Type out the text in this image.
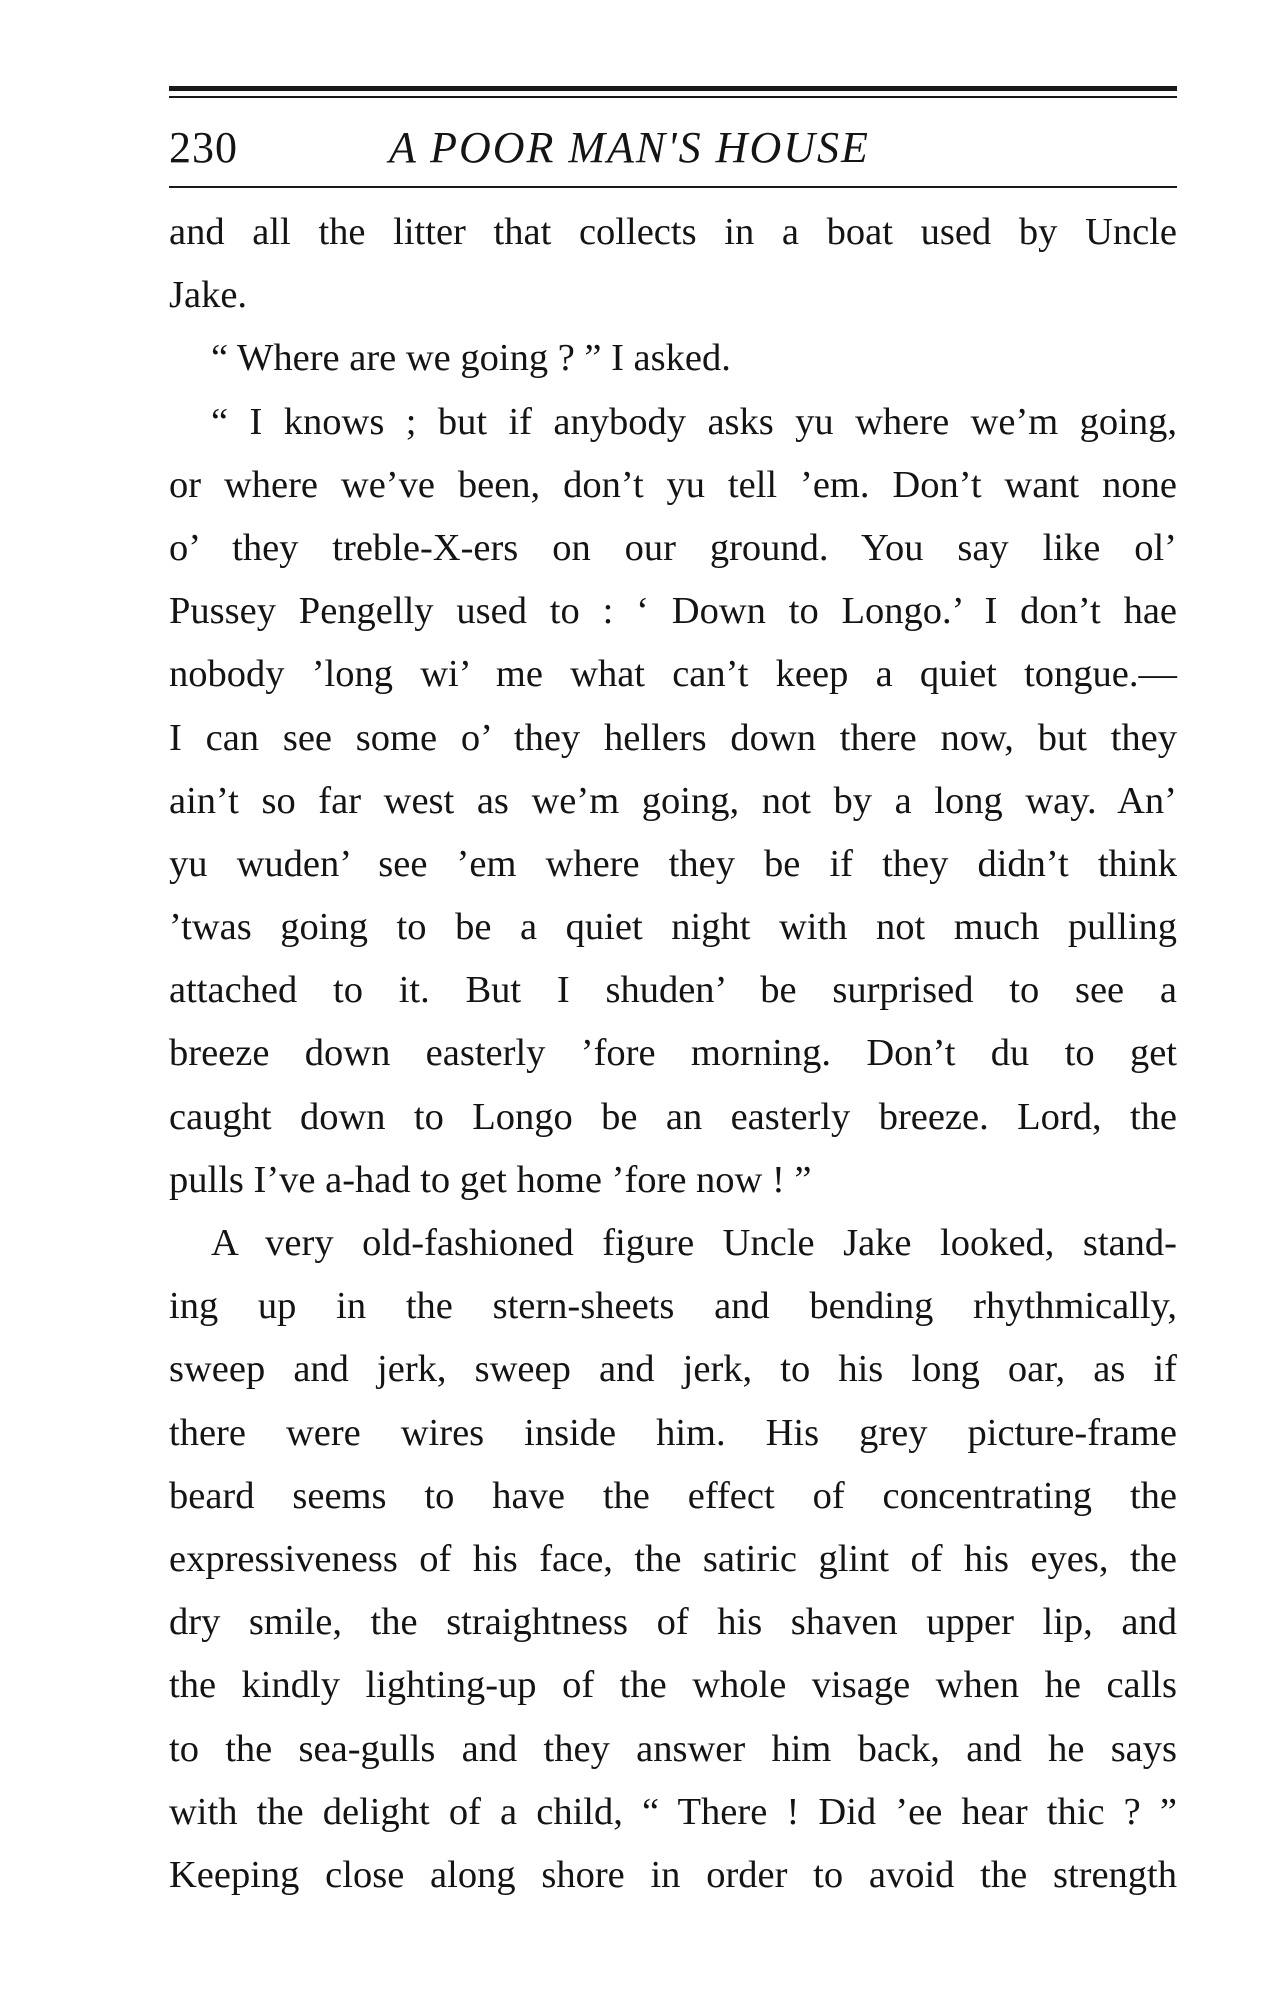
230	A POOR MAN'S HOUSE
and all the litter that collects in a boat used by Uncle
Jake.
“ Where are we going ? ” I asked.
“ I knows ; but if anybody asks yu where we’m going,
or where we’ve been, don’t yu tell ’em. Don’t want none
o’ they treble-X-ers on our ground. You say like ol’
Pussey Pengelly used to : ‘ Down to Longo.’ I don’t hae
nobody ’long wi’ me what can’t keep a quiet tongue.—
I can see some o’ they hellers down there now, but they
ain’t so far west as we’m going, not by a long way. An’
yu wuden’ see ’em where they be if they didn’t think
’twas going to be a quiet night with not much pulling
attached to it. But I shuden’ be surprised to see a
breeze down easterly ’fore morning. Don’t du to get
caught down to Longo be an easterly breeze. Lord, the
pulls I’ve a-had to get home ’fore now ! ”
A very old-fashioned figure Uncle Jake looked, stand-
ing up in the stern-sheets and bending rhythmically,
sweep and jerk, sweep and jerk, to his long oar, as if
there were wires inside him. His grey picture-frame
beard seems to have the effect of concentrating the
expressiveness of his face, the satiric glint of his eyes, the
dry smile, the straightness of his shaven upper lip, and
the kindly lighting-up of the whole visage when he calls
to the sea-gulls and they answer him back, and he says
with the delight of a child, “ There ! Did ’ee hear thic ? ”
Keeping close along shore in order to avoid the strength
